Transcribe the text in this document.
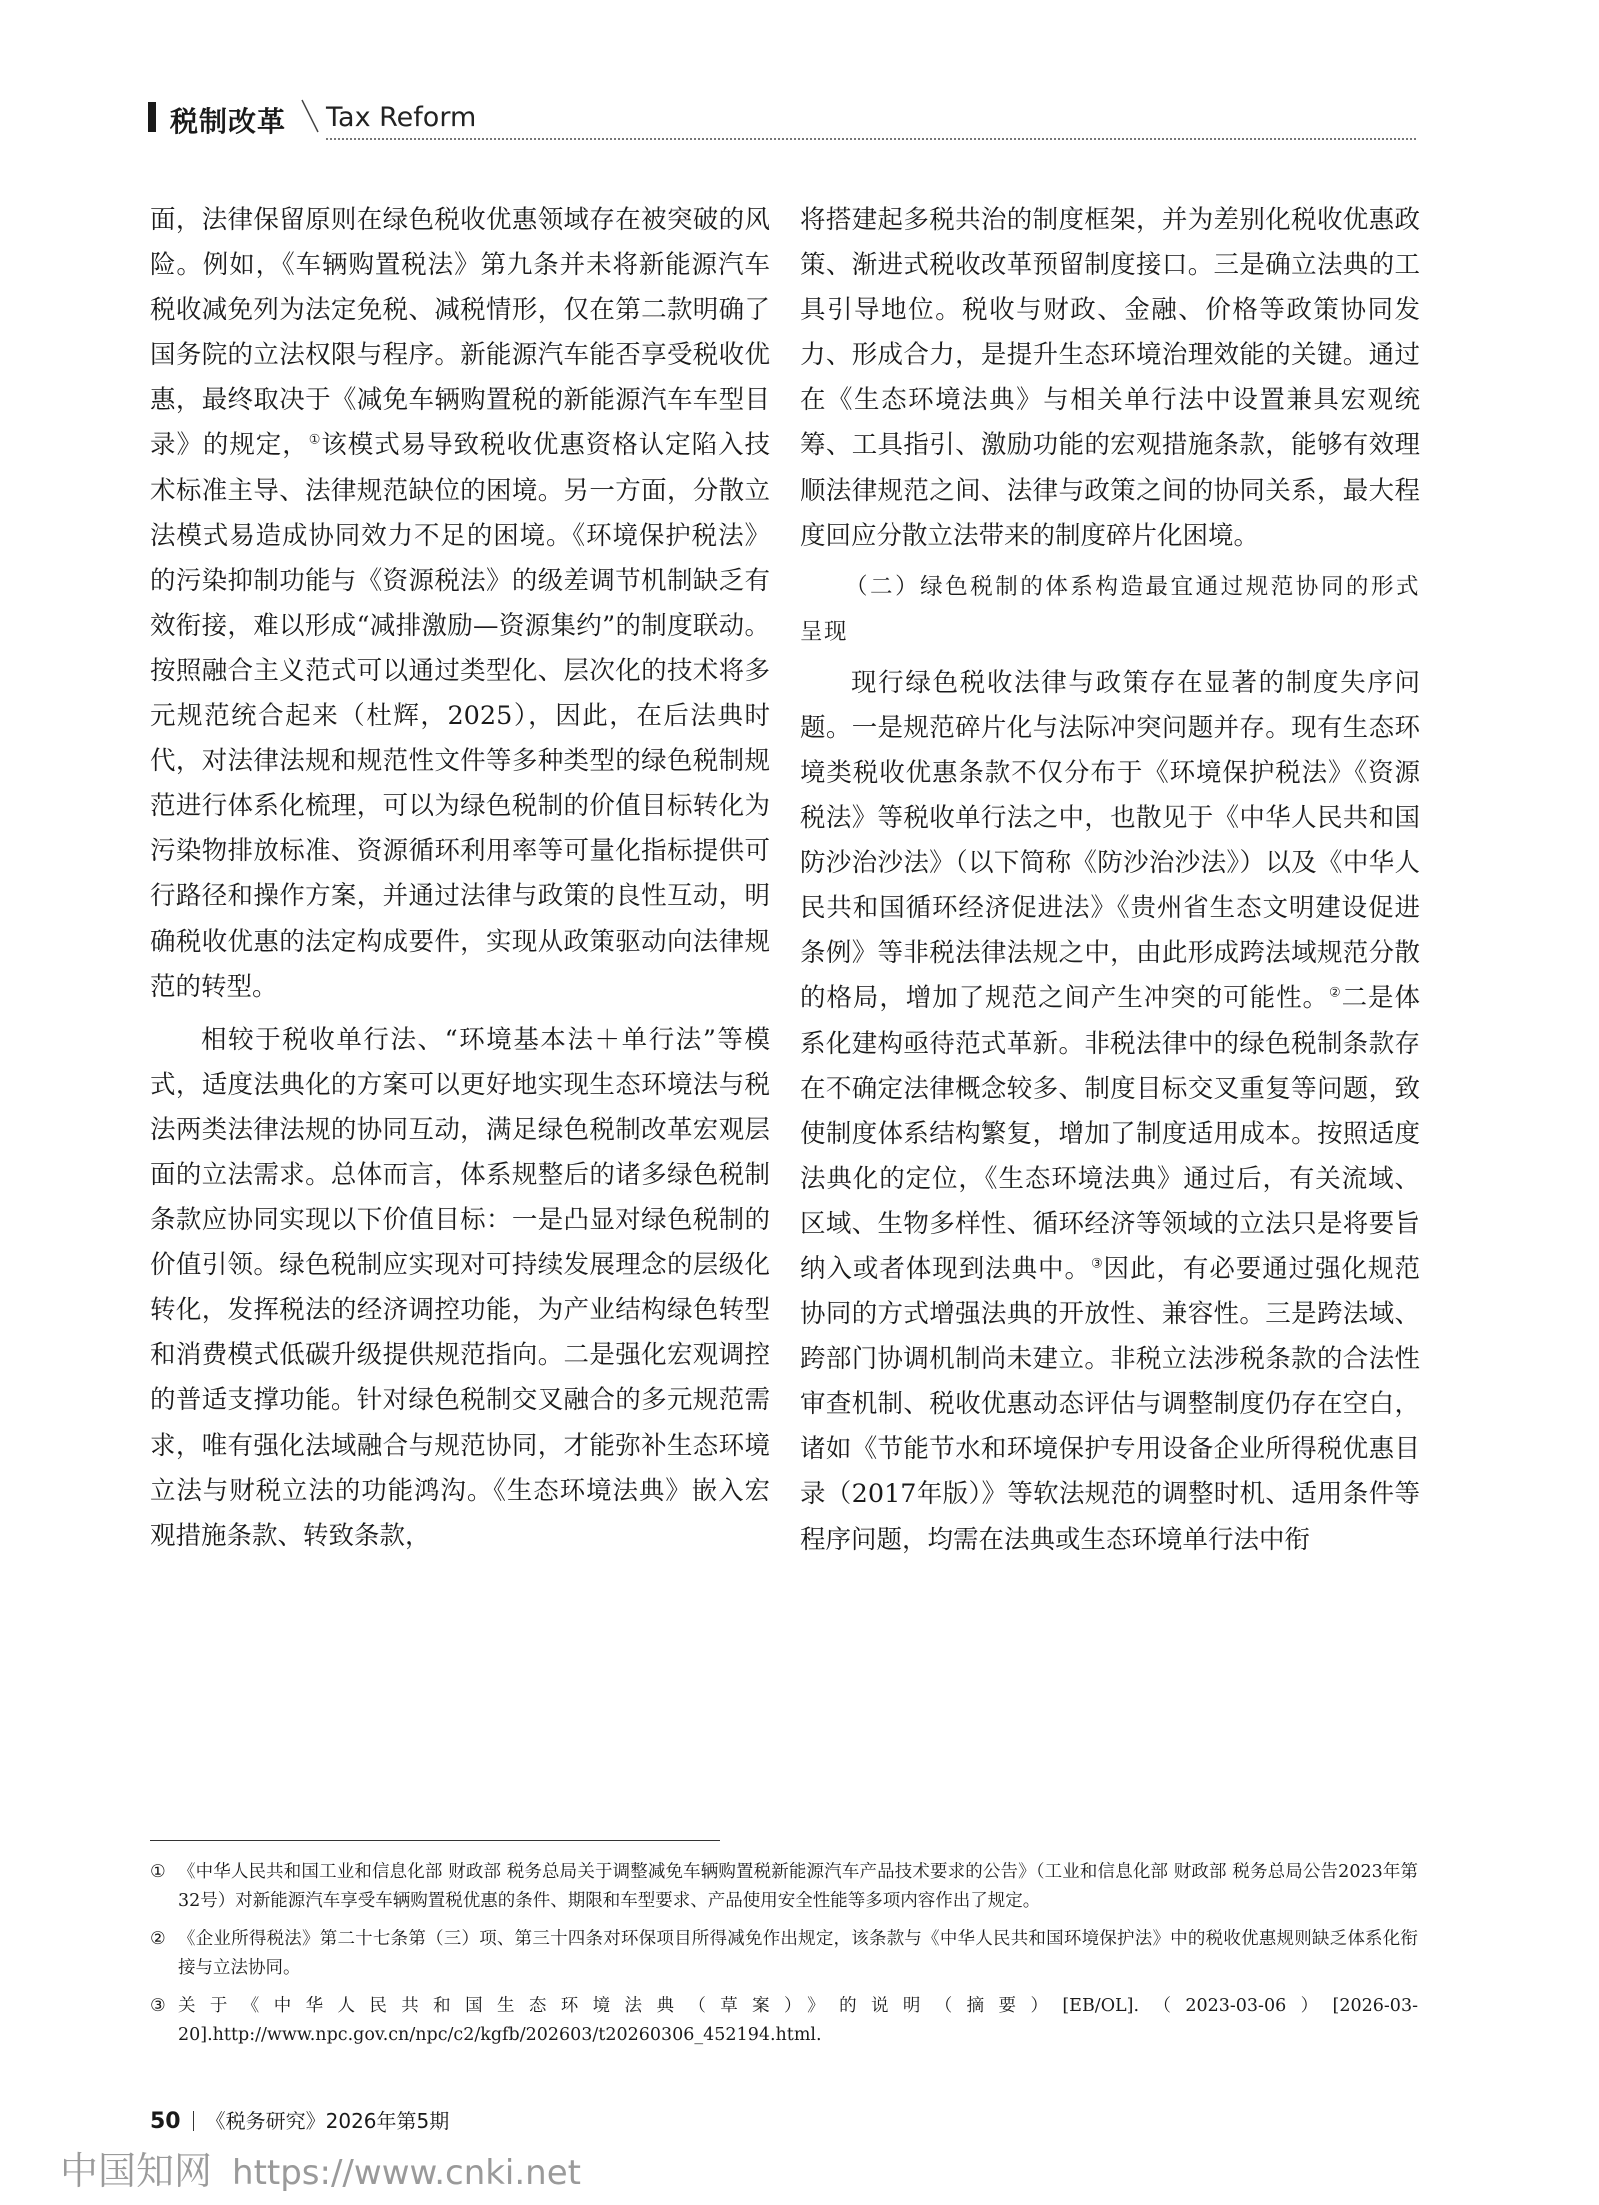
税制改革 Tax Reform

面，法律保留原则在绿色税收优惠领域存在被突破的风险。例如，《车辆购置税法》第九条并未将新能源汽车税收减免列为法定免税、减税情形，仅在第二款明确了国务院的立法权限与程序。新能源汽车能否享受税收优惠，最终取决于《减免车辆购置税的新能源汽车车型目录》的规定，①该模式易导致税收优惠资格认定陷入技术标准主导、法律规范缺位的困境。另一方面，分散立法模式易造成协同效力不足的困境。《环境保护税法》的污染抑制功能与《资源税法》的级差调节机制缺乏有效衔接，难以形成“减排激励—资源集约”的制度联动。按照融合主义范式可以通过类型化、层次化的技术将多元规范统合起来（杜辉，2025），因此，在后法典时代，对法律法规和规范性文件等多种类型的绿色税制规范进行体系化梳理，可以为绿色税制的价值目标转化为污染物排放标准、资源循环利用率等可量化指标提供可行路径和操作方案，并通过法律与政策的良性互动，明确税收优惠的法定构成要件，实现从政策驱动向法律规范的转型。

相较于税收单行法、“环境基本法＋单行法”等模式，适度法典化的方案可以更好地实现生态环境法与税法两类法律法规的协同互动，满足绿色税制改革宏观层面的立法需求。总体而言，体系规整后的诸多绿色税制条款应协同实现以下价值目标：一是凸显对绿色税制的价值引领。绿色税制应实现对可持续发展理念的层级化转化，发挥税法的经济调控功能，为产业结构绿色转型和消费模式低碳升级提供规范指向。二是强化宏观调控的普适支撑功能。针对绿色税制交叉融合的多元规范需求，唯有强化法域融合与规范协同，才能弥补生态环境立法与财税立法的功能鸿沟。《生态环境法典》嵌入宏观措施条款、转致条款，

将搭建起多税共治的制度框架，并为差别化税收优惠政策、渐进式税收改革预留制度接口。三是确立法典的工具引导地位。税收与财政、金融、价格等政策协同发力、形成合力，是提升生态环境治理效能的关键。通过在《生态环境法典》与相关单行法中设置兼具宏观统筹、工具指引、激励功能的宏观措施条款，能够有效理顺法律规范之间、法律与政策之间的协同关系，最大程度回应分散立法带来的制度碎片化困境。

（二）绿色税制的体系构造最宜通过规范协同的形式呈现

现行绿色税收法律与政策存在显著的制度失序问题。一是规范碎片化与法际冲突问题并存。现有生态环境类税收优惠条款不仅分布于《环境保护税法》《资源税法》等税收单行法之中，也散见于《中华人民共和国防沙治沙法》（以下简称《防沙治沙法》）以及《中华人民共和国循环经济促进法》《贵州省生态文明建设促进条例》等非税法律法规之中，由此形成跨法域规范分散的格局，增加了规范之间产生冲突的可能性。②二是体系化建构亟待范式革新。非税法律中的绿色税制条款存在不确定法律概念较多、制度目标交叉重复等问题，致使制度体系结构繁复，增加了制度适用成本。按照适度法典化的定位，《生态环境法典》通过后，有关流域、区域、生物多样性、循环经济等领域的立法只是将要旨纳入或者体现到法典中。③因此，有必要通过强化规范协同的方式增强法典的开放性、兼容性。三是跨法域、跨部门协调机制尚未建立。非税立法涉税条款的合法性审查机制、税收优惠动态评估与调整制度仍存在空白，诸如《节能节水和环境保护专用设备企业所得税优惠目录（2017年版）》等软法规范的调整时机、适用条件等程序问题，均需在法典或生态环境单行法中衔

① 《中华人民共和国工业和信息化部 财政部 税务总局关于调整减免车辆购置税新能源汽车产品技术要求的公告》（工业和信息化部 财政部 税务总局公告2023年第32号）对新能源汽车享受车辆购置税优惠的条件、期限和车型要求、产品使用安全性能等多项内容作出了规定。

② 《企业所得税法》第二十七条第（三）项、第三十四条对环保项目所得减免作出规定，该条款与《中华人民共和国环境保护法》中的税收优惠规则缺乏体系化衔接与立法协同。

③ 关于《中华人民共和国生态环境法典（草案）》的说明（摘要）[EB/OL].（2023-03-06）[2026-03-20].http://www.npc.gov.cn/npc/c2/kgfb/202603/t20260306_452194.html.

50 《税务研究》2026年第5期
中国知网 https://www.cnki.net
